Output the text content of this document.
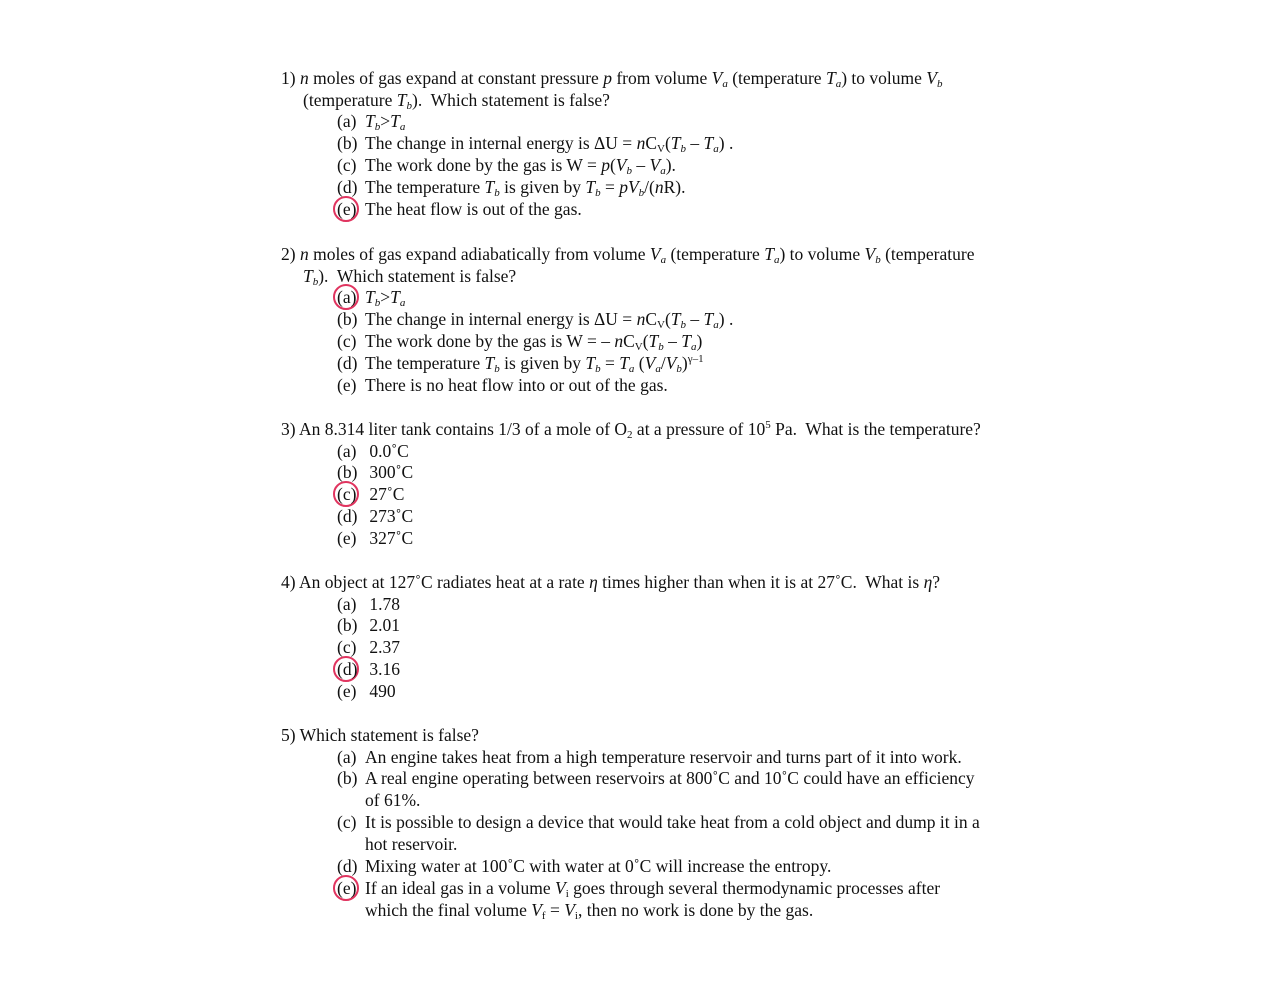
1) n moles of gas expand at constant pressure p from volume $V_a$ (temperature $T_a$) to volume $V_b$
(temperature $T_b$).  Which statement is false?
(a) $T_b>T_a$
(b) The change in internal energy is $\Delta U = nC_V(T_b - T_a)$ .
(c) The work done by the gas is $W = p(V_b - V_a)$.
(d) The temperature $T_b$ is given by $T_b = pV_b/(nR)$.
(e) The heat flow is out of the gas.
2) n moles of gas expand adiabatically from volume $V_a$ (temperature $T_a$) to volume $V_b$ (temperature
$T_b$).  Which statement is false?
(a) $T_b>T_a$
(b) The change in internal energy is $\Delta U = nC_V(T_b - T_a)$ .
(c) The work done by the gas is W = – $nC_V(T_b - T_a)$
(d) The temperature $T_b$ is given by $T_b = T_a$ $(V_a/V_b)^{\gamma-1}$
(e) There is no heat flow into or out of the gas.
3) An 8.314 liter tank contains 1/3 of a mole of $O_2$ at a pressure of $10^5$ Pa.  What is the temperature?
(a) 0.0˚C
(b) 300˚C
(c) 27˚C
(d) 273˚C
(e) 327˚C
4) An object at 127˚C radiates heat at a rate η times higher than when it is at 27˚C.  What is η?
(a) 1.78
(b) 2.01
(c) 2.37
(d) 3.16
(e) 490
5) Which statement is false?
(a) An engine takes heat from a high temperature reservoir and turns part of it into work.
(b) A real engine operating between reservoirs at 800˚C and 10˚C could have an efficiency
of 61%.
(c) It is possible to design a device that would take heat from a cold object and dump it in a
hot reservoir.
(d) Mixing water at 100˚C with water at 0˚C will increase the entropy.
(e) If an ideal gas in a volume $V_i$ goes through several thermodynamic processes after
which the final volume $V_f = V_i$, then no work is done by the gas.
